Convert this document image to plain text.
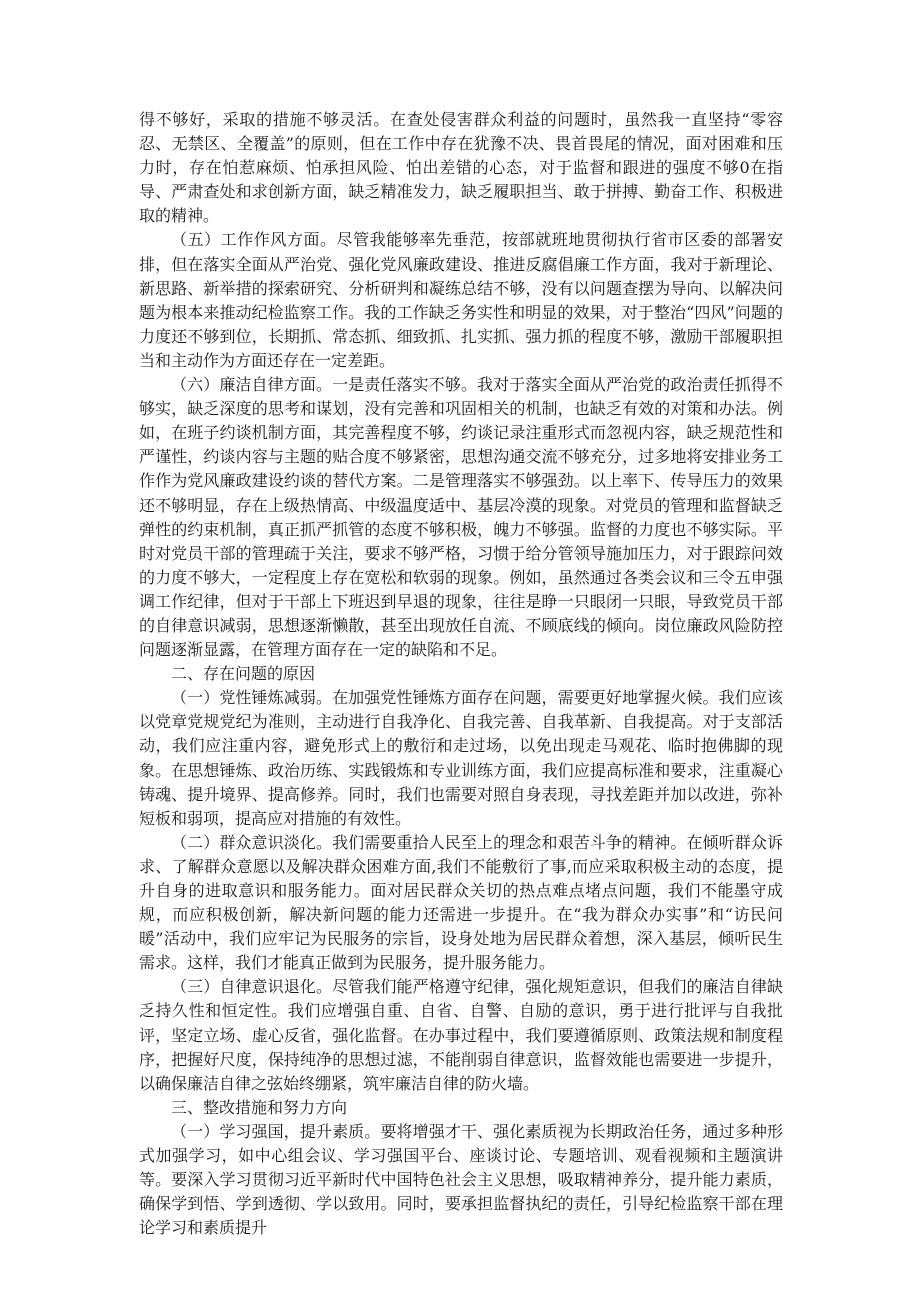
得不够好，采取的措施不够灵活。在查处侵害群众利益的问题时，虽然我一直坚持“零容忍、无禁区、全覆盖”的原则，但在工作中存在犹豫不决、畏首畏尾的情况，面对困难和压力时，存在怕惹麻烦、怕承担风险、怕出差错的心态，对于监督和跟进的强度不够0在指导、严肃查处和求创新方面，缺乏精准发力，缺乏履职担当、敢于拼搏、勤奋工作、积极进取的精神。

（五）工作作风方面。尽管我能够率先垂范，按部就班地贯彻执行省市区委的部署安排，但在落实全面从严治党、强化党风廉政建设、推进反腐倡廉工作方面，我对于新理论、新思路、新举措的探索研究、分析研判和凝练总结不够，没有以问题查摆为导向、以解决问题为根本来推动纪检监察工作。我的工作缺乏务实性和明显的效果，对于整治“四风”问题的力度还不够到位，长期抓、常态抓、细致抓、扎实抓、强力抓的程度不够，激励干部履职担当和主动作为方面还存在一定差距。

（六）廉洁自律方面。一是责任落实不够。我对于落实全面从严治党的政治责任抓得不够实，缺乏深度的思考和谋划，没有完善和巩固相关的机制，也缺乏有效的对策和办法。例如，在班子约谈机制方面，其完善程度不够，约谈记录注重形式而忽视内容，缺乏规范性和严谨性，约谈内容与主题的贴合度不够紧密，思想沟通交流不够充分，过多地将安排业务工作作为党风廉政建设约谈的替代方案。二是管理落实不够强劲。以上率下、传导压力的效果还不够明显，存在上级热情高、中级温度适中、基层冷漠的现象。对党员的管理和监督缺乏弹性的约束机制，真正抓严抓管的态度不够积极，魄力不够强。监督的力度也不够实际。平时对党员干部的管理疏于关注，要求不够严格，习惯于给分管领导施加压力，对于跟踪问效的力度不够大，一定程度上存在宽松和软弱的现象。例如，虽然通过各类会议和三令五申强调工作纪律，但对于干部上下班迟到早退的现象，往往是睁一只眼闭一只眼，导致党员干部的自律意识减弱，思想逐渐懒散，甚至出现放任自流、不顾底线的倾向。岗位廉政风险防控问题逐渐显露，在管理方面存在一定的缺陷和不足。

二、存在问题的原因

（一）党性锤炼减弱。在加强党性锤炼方面存在问题，需要更好地掌握火候。我们应该以党章党规党纪为准则，主动进行自我净化、自我完善、自我革新、自我提高。对于支部活动，我们应注重内容，避免形式上的敷衍和走过场，以免出现走马观花、临时抱佛脚的现象。在思想锤炼、政治历练、实践锻炼和专业训练方面，我们应提高标准和要求，注重凝心铸魂、提升境界、提高修养。同时，我们也需要对照自身表现，寻找差距并加以改进，弥补短板和弱项，提高应对措施的有效性。

（二）群众意识淡化。我们需要重拾人民至上的理念和艰苦斗争的精神。在倾听群众诉求、了解群众意愿以及解决群众困难方面,我们不能敷衍了事,而应采取积极主动的态度，提升自身的进取意识和服务能力。面对居民群众关切的热点难点堵点问题，我们不能墨守成规，而应积极创新，解决新问题的能力还需进一步提升。在“我为群众办实事”和“访民问暖”活动中，我们应牢记为民服务的宗旨，设身处地为居民群众着想，深入基层，倾听民生需求。这样，我们才能真正做到为民服务，提升服务能力。

（三）自律意识退化。尽管我们能严格遵守纪律，强化规矩意识，但我们的廉洁自律缺乏持久性和恒定性。我们应增强自重、自省、自警、自励的意识，勇于进行批评与自我批评，坚定立场、虚心反省，强化监督。在办事过程中，我们要遵循原则、政策法规和制度程序，把握好尺度，保持纯净的思想过滤，不能削弱自律意识，监督效能也需要进一步提升，以确保廉洁自律之弦始终绷紧，筑牢廉洁自律的防火墙。

三、整改措施和努力方向

（一）学习强国，提升素质。要将增强才干、强化素质视为长期政治任务，通过多种形式加强学习，如中心组会议、学习强国平台、座谈讨论、专题培训、观看视频和主题演讲等。要深入学习贯彻习近平新时代中国特色社会主义思想，吸取精神养分，提升能力素质，确保学到悟、学到透彻、学以致用。同时，要承担监督执纪的责任，引导纪检监察干部在理论学习和素质提升
